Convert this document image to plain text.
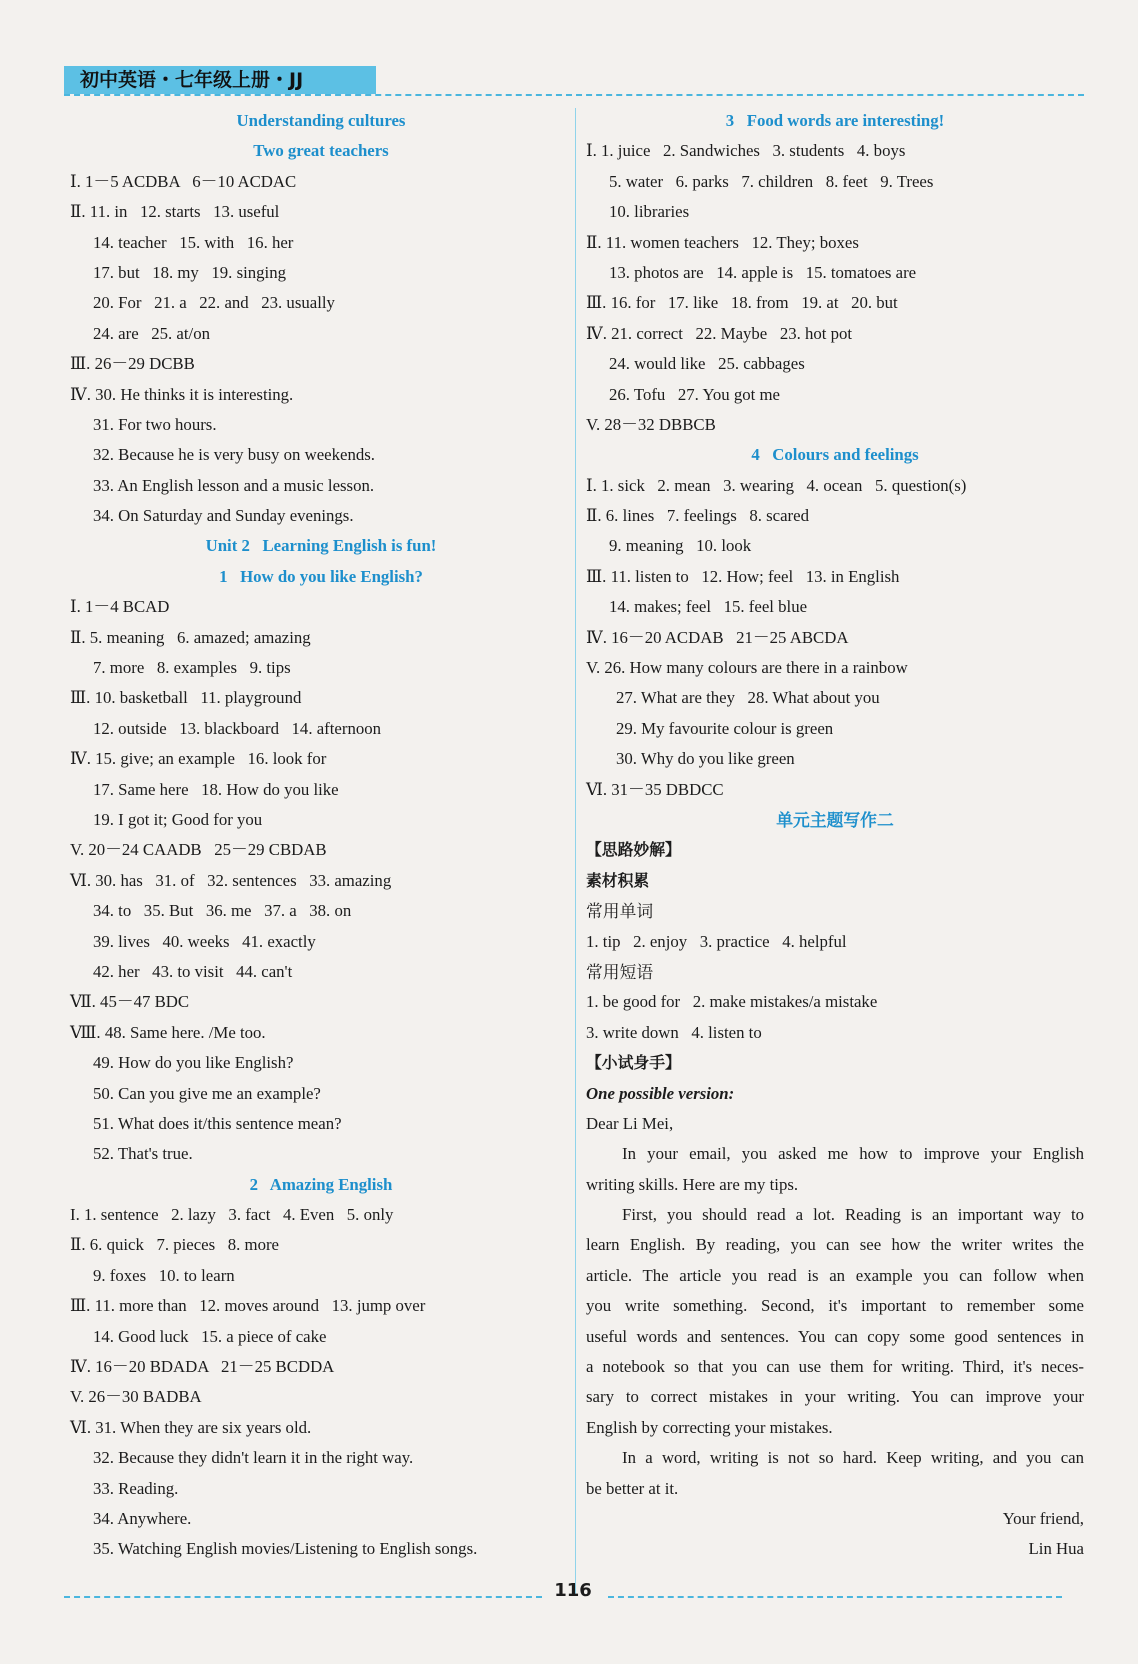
初中英语・七年级上册・JJ
Understanding cultures
Two great teachers
Ⅰ. 1－5 ACDBA   6－10 ACDAC
Ⅱ. 11. in   12. starts   13. useful
14. teacher   15. with   16. her
17. but   18. my   19. singing
20. For   21. a   22. and   23. usually
24. are   25. at/on
Ⅲ. 26－29 DCBB
Ⅳ. 30. He thinks it is interesting.
31. For two hours.
32. Because he is very busy on weekends.
33. An English lesson and a music lesson.
34. On Saturday and Sunday evenings.
Unit 2   Learning English is fun!
1   How do you like English?
Ⅰ. 1－4 BCAD
Ⅱ. 5. meaning   6. amazed; amazing
7. more   8. examples   9. tips
Ⅲ. 10. basketball   11. playground
12. outside   13. blackboard   14. afternoon
Ⅳ. 15. give; an example   16. look for
17. Same here   18. How do you like
19. I got it; Good for you
V. 20－24 CAADB   25－29 CBDAB
Ⅵ. 30. has   31. of   32. sentences   33. amazing
34. to   35. But   36. me   37. a   38. on
39. lives   40. weeks   41. exactly
42. her   43. to visit   44. can't
Ⅶ. 45－47 BDC
Ⅷ. 48. Same here. /Me too.
49. How do you like English?
50. Can you give me an example?
51. What does it/this sentence mean?
52. That's true.
2   Amazing English
I. 1. sentence   2. lazy   3. fact   4. Even   5. only
Ⅱ. 6. quick   7. pieces   8. more
9. foxes   10. to learn
Ⅲ. 11. more than   12. moves around   13. jump over
14. Good luck   15. a piece of cake
Ⅳ. 16－20 BDADA   21－25 BCDDA
V. 26－30 BADBA
Ⅵ. 31. When they are six years old.
32. Because they didn't learn it in the right way.
33. Reading.
34. Anywhere.
35. Watching English movies/Listening to English songs.
3   Food words are interesting!
Ⅰ. 1. juice   2. Sandwiches   3. students   4. boys
5. water   6. parks   7. children   8. feet   9. Trees
10. libraries
Ⅱ. 11. women teachers   12. They; boxes
13. photos are   14. apple is   15. tomatoes are
Ⅲ. 16. for   17. like   18. from   19. at   20. but
Ⅳ. 21. correct   22. Maybe   23. hot pot
24. would like   25. cabbages
26. Tofu   27. You got me
V. 28－32 DBBCB
4   Colours and feelings
Ⅰ. 1. sick   2. mean   3. wearing   4. ocean   5. question(s)
Ⅱ. 6. lines   7. feelings   8. scared
9. meaning   10. look
Ⅲ. 11. listen to   12. How; feel   13. in English
14. makes; feel   15. feel blue
Ⅳ. 16－20 ACDAB   21－25 ABCDA
V. 26. How many colours are there in a rainbow
27. What are they   28. What about you
29. My favourite colour is green
30. Why do you like green
Ⅵ. 31－35 DBDCC
单元主题写作二
【思路妙解】
素材积累
常用单词
1. tip   2. enjoy   3. practice   4. helpful
常用短语
1. be good for   2. make mistakes/a mistake
3. write down   4. listen to
【小试身手】
One possible version:
Dear Li Mei,
In your email, you asked me how to improve your English
writing skills. Here are my tips.
First, you should read a lot. Reading is an important way to
learn English. By reading, you can see how the writer writes the
article. The article you read is an example you can follow when
you write something. Second, it's important to remember some
useful words and sentences. You can copy some good sentences in
a notebook so that you can use them for writing. Third, it's neces-
sary to correct mistakes in your writing. You can improve your
English by correcting your mistakes.
In a word, writing is not so hard. Keep writing, and you can
be better at it.
Your friend,
Lin Hua
116
